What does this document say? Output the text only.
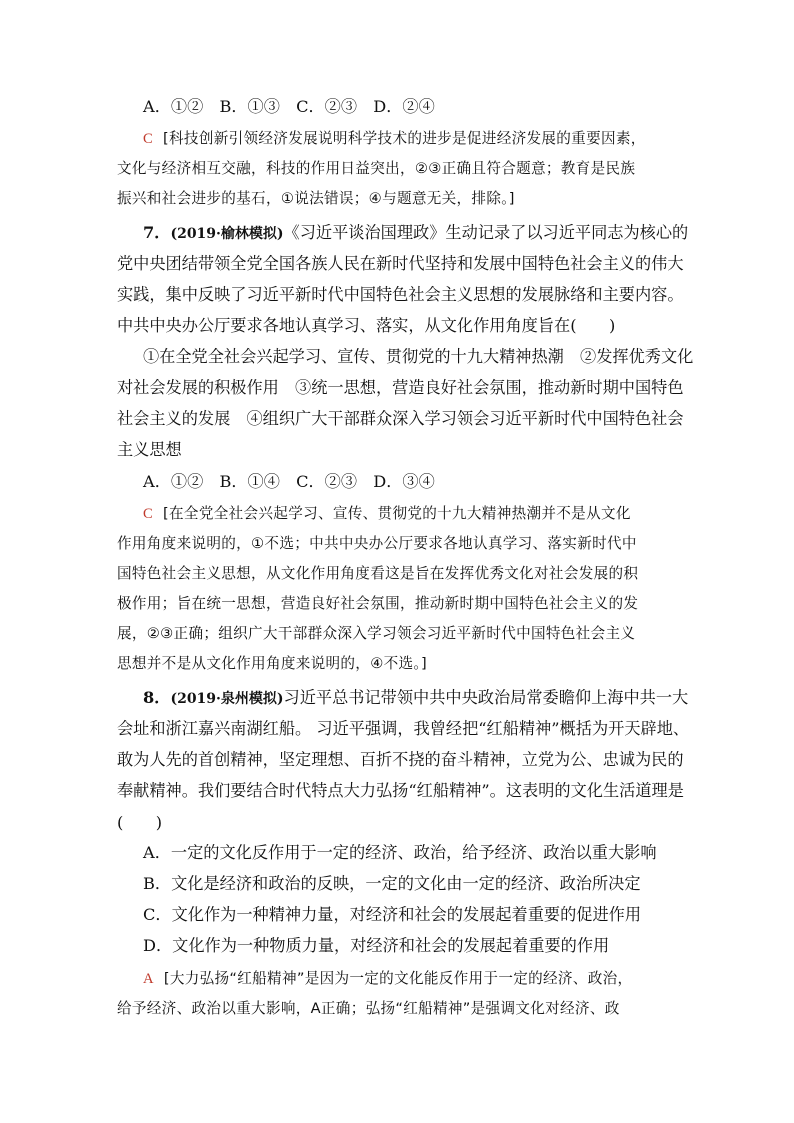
A．①②　B．①③　C．②③　D．②④
C [科技创新引领经济发展说明科学技术的进步是促进经济发展的重要因素，
文化与经济相互交融，科技的作用日益突出，②③正确且符合题意；教育是民族
振兴和社会进步的基石，①说法错误；④与题意无关，排除。]
7．(2019·榆林模拟)《习近平谈治国理政》生动记录了以习近平同志为核心的
党中央团结带领全党全国各族人民在新时代坚持和发展中国特色社会主义的伟大
实践，集中反映了习近平新时代中国特色社会主义思想的发展脉络和主要内容。
中共中央办公厅要求各地认真学习、落实，从文化作用角度旨在(　　)
①在全党全社会兴起学习、宣传、贯彻党的十九大精神热潮　②发挥优秀文化
对社会发展的积极作用　③统一思想，营造良好社会氛围，推动新时期中国特色
社会主义的发展　④组织广大干部群众深入学习领会习近平新时代中国特色社会
主义思想
A．①②　B．①④　C．②③　D．③④
C [在全党全社会兴起学习、宣传、贯彻党的十九大精神热潮并不是从文化
作用角度来说明的，①不选；中共中央办公厅要求各地认真学习、落实新时代中
国特色社会主义思想，从文化作用角度看这是旨在发挥优秀文化对社会发展的积
极作用；旨在统一思想，营造良好社会氛围，推动新时期中国特色社会主义的发
展，②③正确；组织广大干部群众深入学习领会习近平新时代中国特色社会主义
思想并不是从文化作用角度来说明的，④不选。]
8．(2019·泉州模拟)习近平总书记带领中共中央政治局常委瞻仰上海中共一大
会址和浙江嘉兴南湖红船。 习近平强调，我曾经把“红船精神”概括为开天辟地、
敢为人先的首创精神，坚定理想、百折不挠的奋斗精神，立党为公、忠诚为民的
奉献精神。我们要结合时代特点大力弘扬“红船精神”。这表明的文化生活道理是
(　　)
A．一定的文化反作用于一定的经济、政治，给予经济、政治以重大影响
B．文化是经济和政治的反映，一定的文化由一定的经济、政治所决定
C．文化作为一种精神力量，对经济和社会的发展起着重要的促进作用
D．文化作为一种物质力量，对经济和社会的发展起着重要的作用
A [大力弘扬“红船精神”是因为一定的文化能反作用于一定的经济、政治，
给予经济、政治以重大影响，A正确；弘扬“红船精神”是强调文化对经济、政
